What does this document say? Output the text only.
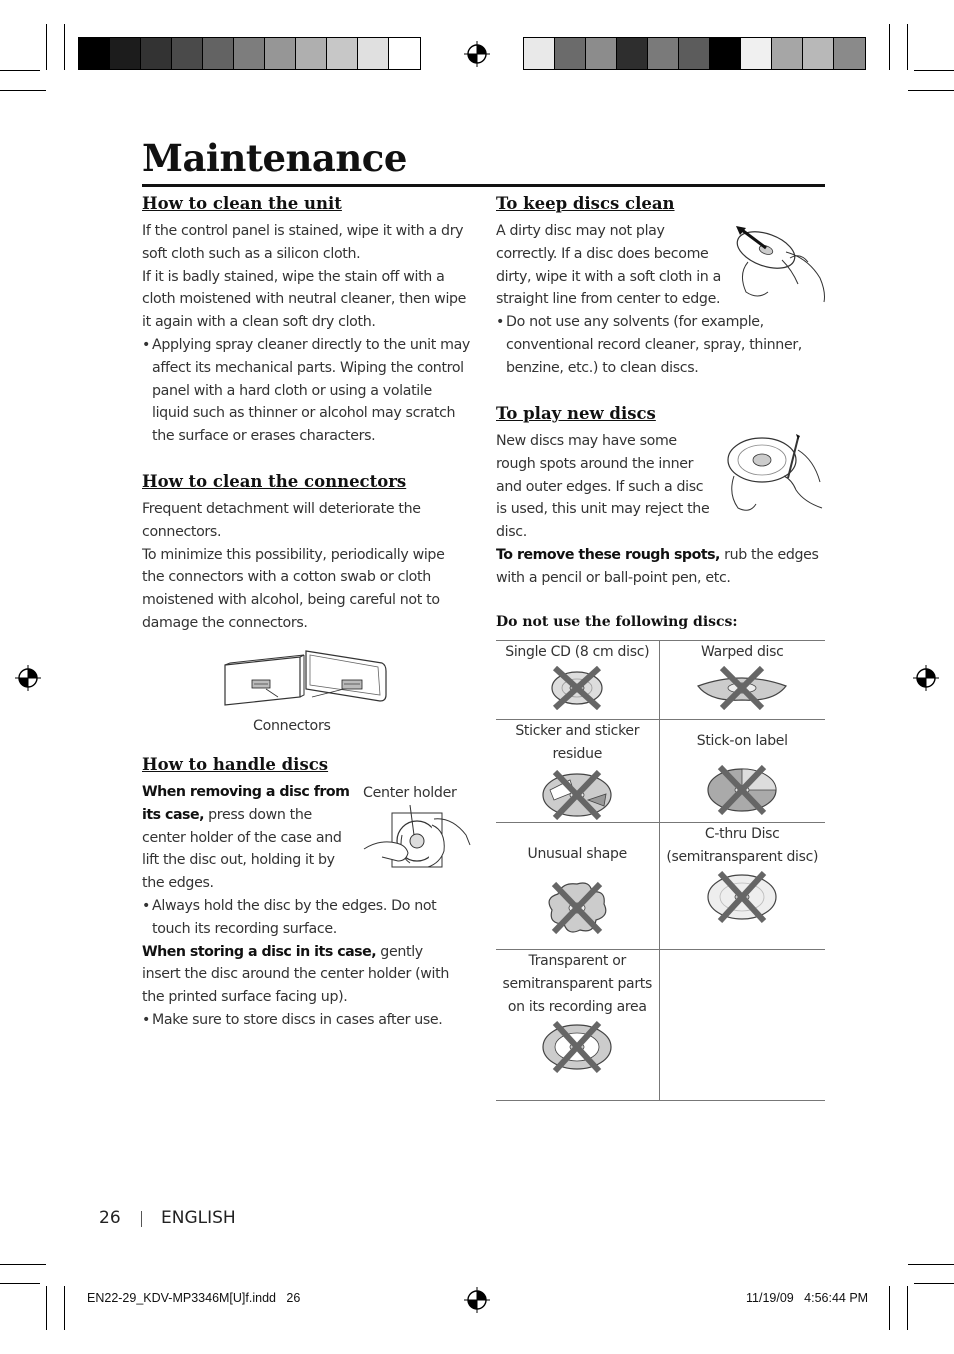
Maintenance
How to clean the unit

If the control panel is stained, wipe it with a dry soft cloth such as a silicon cloth.

If it is badly stained, wipe the stain off with a cloth moistened with neutral cleaner, then wipe it again with a clean soft dry cloth.

• Applying spray cleaner directly to the unit may affect its mechanical parts. Wiping the control panel with a hard cloth or using a volatile liquid such as thinner or alcohol may scratch the surface or erases characters.
How to clean the connectors

Frequent detachment will deteriorate the connectors.

To minimize this possibility, periodically wipe the connectors with a cotton swab or cloth moistened with alcohol, being careful not to damage the connectors.

Connectors
How to handle discs
Center holder
When removing a disc from its case, press down the center holder of the case and lift the disc out, holding it by the edges.
• Always hold the disc by the edges. Do not touch its recording surface.

When storing a disc in its case, gently insert the disc around the center holder (with the printed surface facing up).

• Make sure to store discs in cases after use.
To keep discs clean

A dirty disc may not play correctly. If a disc does become dirty, wipe it with a soft cloth in a straight line from center to edge.

• Do not use any solvents (for example, conventional record cleaner, spray, thinner, benzine, etc.) to clean discs.
To play new discs

New discs may have some rough spots around the inner and outer edges. If such a disc is used, this unit may reject the disc.

To remove these rough spots, rub the edges with a pencil or ball-point pen, etc.

Do not use the following discs:
Single CD (8 cm disc)	Warped disc

Sticker and sticker residue	Stick-on label

Unusual shape	C-thru Disc (semitransparent disc)

Transparent or semitransparent parts on its recording area	

26 ENGLISH
EN22-29_KDV-MP3346M[U]f.indd   26	11/19/09   4:56:44 PM
